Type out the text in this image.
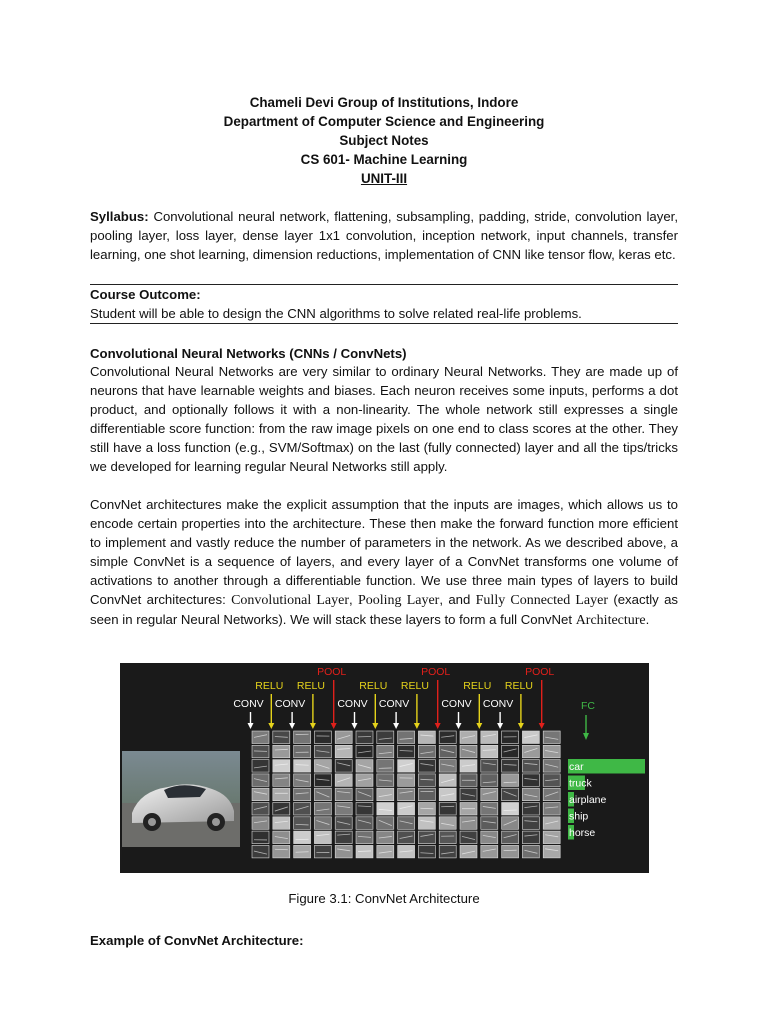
Chameli Devi Group of Institutions, Indore
Department of Computer Science and Engineering
Subject Notes
CS 601- Machine Learning
UNIT-III
Syllabus: Convolutional neural network, flattening, subsampling, padding, stride, convolution layer, pooling layer, loss layer, dense layer 1x1 convolution, inception network, input channels, transfer learning, one shot learning, dimension reductions, implementation of CNN like tensor flow, keras etc.
Course Outcome:
Student will be able to design the CNN algorithms to solve related real-life problems.
Convolutional Neural Networks (CNNs / ConvNets)
Convolutional Neural Networks are very similar to ordinary Neural Networks. They are made up of neurons that have learnable weights and biases. Each neuron receives some inputs, performs a dot product, and optionally follows it with a non-linearity. The whole network still expresses a single differentiable score function: from the raw image pixels on one end to class scores at the other. They still have a loss function (e.g., SVM/Softmax) on the last (fully connected) layer and all the tips/tricks we developed for learning regular Neural Networks still apply.
ConvNet architectures make the explicit assumption that the inputs are images, which allows us to encode certain properties into the architecture. These then make the forward function more efficient to implement and vastly reduce the number of parameters in the network. As we described above, a simple ConvNet is a sequence of layers, and every layer of a ConvNet transforms one volume of activations to another through a differentiable function. We use three main types of layers to build ConvNet architectures: Convolutional Layer, Pooling Layer, and Fully Connected Layer (exactly as seen in regular Neural Networks). We will stack these layers to form a full ConvNet Architecture.
CONV
RELU
CONV
RELU
POOL
CONV
RELU
CONV
RELU
POOL
CONV
RELU
CONV
RELU
POOL
FC
car
truck
airplane
ship
horse
Figure 3.1: ConvNet Architecture
Example of ConvNet Architecture:
